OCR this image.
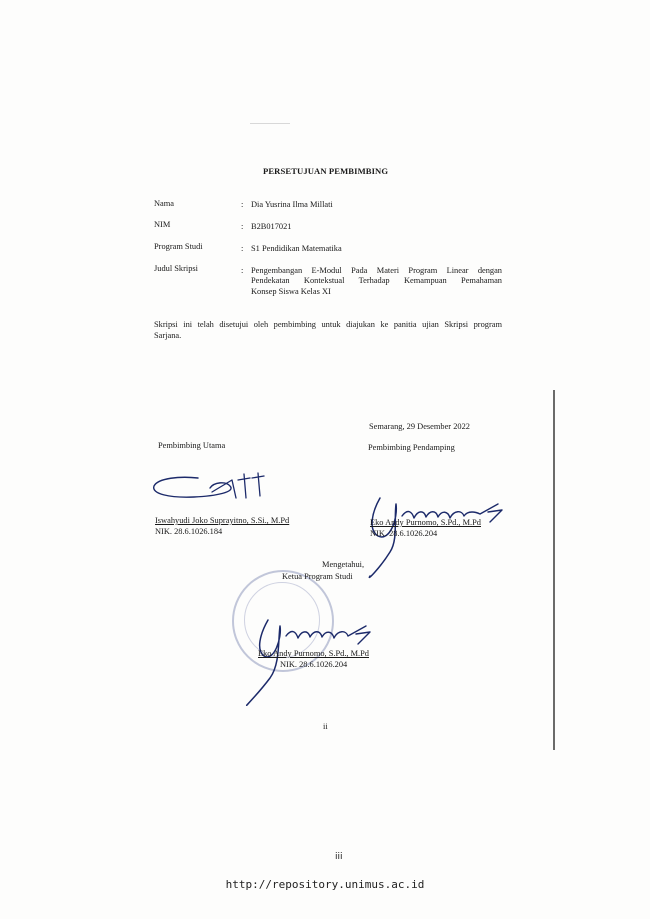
PERSETUJUAN PEMBIMBING
Nama	: Dia Yusrina Ilma Millati
NIM	: B2B017021
Program Studi	: S1 Pendidikan Matematika
Judul Skripsi	: Pengembangan E-Modul Pada Materi Program Linear dengan
Pendekatan Kontekstual Terhadap Kemampuan Pemahaman
Konsep Siswa Kelas XI
Skripsi ini telah disetujui oleh pembimbing untuk diajukan ke panitia ujian Skripsi program
Sarjana.
Semarang, 29 Desember 2022
Pembimbing Utama	Pembimbing Pendamping
Iswahyudi Joko Suprayitno, S.Si., M.Pd
NIK. 28.6.1026.184
Eko Andy Purnomo, S.Pd., M.Pd
NIK. 28.6.1026.204
Mengetahui,
Ketua Program Studi
Eko Andy Purnomo, S.Pd., M.Pd
NIK. 28.6.1026.204
ii
iii
http://repository.unimus.ac.id
